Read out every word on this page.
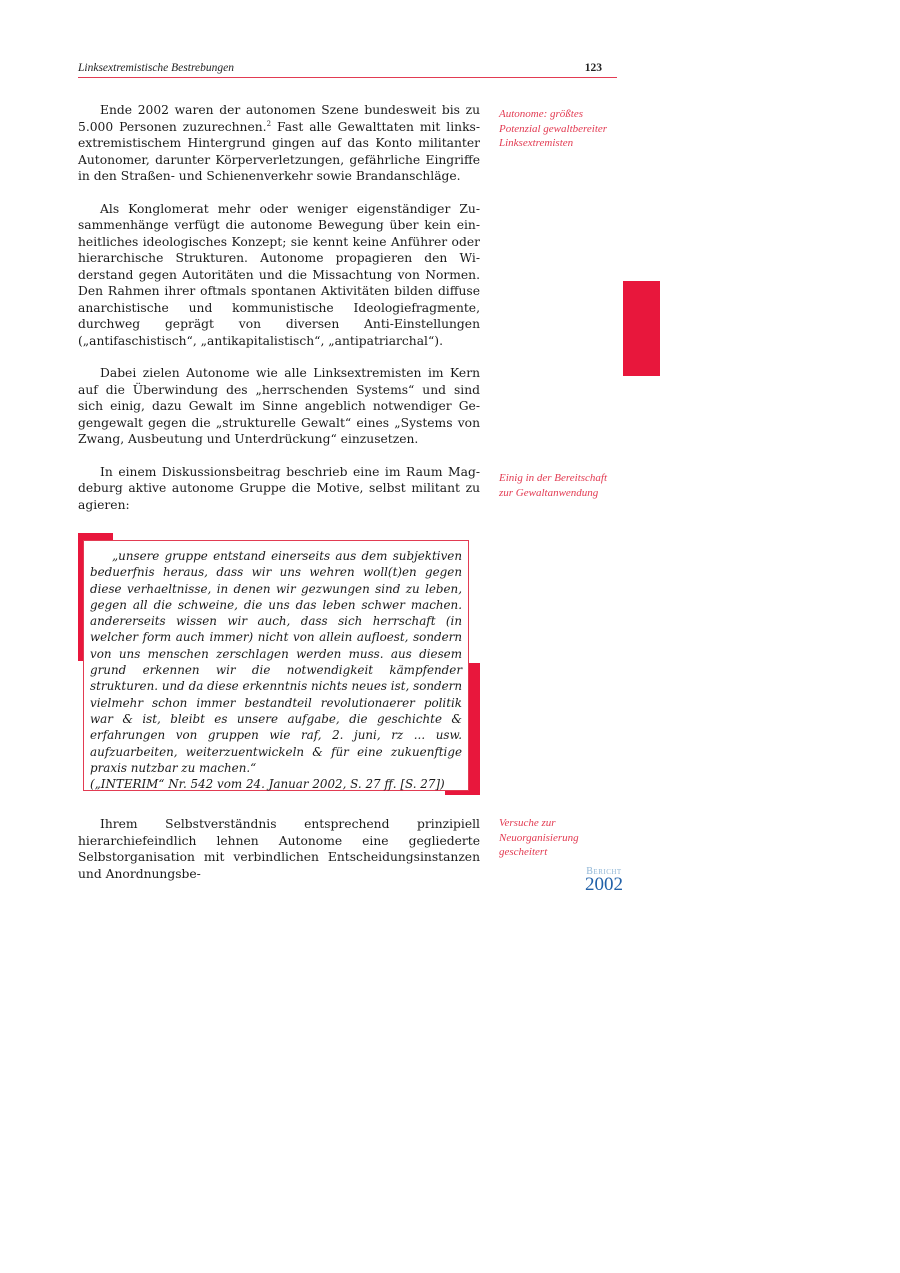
Linksextremistische Bestrebungen	123

Ende 2002 waren der autonomen Szene bundesweit bis zu 5.000 Personen zuzurechnen.$^2$ Fast alle Gewalttaten mit linksextremistischem Hintergrund gingen auf das Konto militanter Autonomer, darunter Körperverletzungen, gefährliche Eingriffe in den Straßen- und Schienenverkehr sowie Brandanschläge.

Als Konglomerat mehr oder weniger eigenständiger Zusammenhänge verfügt die autonome Bewegung über kein einheitliches ideologisches Konzept; sie kennt keine Anführer oder hierarchische Strukturen. Autonome propagieren den Widerstand gegen Autoritäten und die Missachtung von Normen. Den Rahmen ihrer oftmals spontanen Aktivitäten bilden diffuse anarchistische und kommunistische Ideologiefragmente, durchweg geprägt von diversen Anti-Einstellungen („antifaschistisch“, „antikapitalistisch“, „antipatriarchal“).

Dabei zielen Autonome wie alle Linksextremisten im Kern auf die Überwindung des „herrschenden Systems“ und sind sich einig, dazu Gewalt im Sinne angeblich notwendiger Gegengewalt gegen die „strukturelle Gewalt“ eines „Systems von Zwang, Ausbeutung und Unterdrückung“ einzusetzen.

In einem Diskussionsbeitrag beschrieb eine im Raum Magdeburg aktive autonome Gruppe die Motive, selbst militant zu agieren:

„unsere gruppe entstand einerseits aus dem subjektiven beduerfnis heraus, dass wir uns wehren woll(t)en gegen diese verhaeltnisse, in denen wir gezwungen sind zu leben, gegen all die schweine, die uns das leben schwer machen. andererseits wissen wir auch, dass sich herrschaft (in welcher form auch immer) nicht von allein aufloest, sondern von uns menschen zerschlagen werden muss. aus diesem grund erkennen wir die notwendigkeit kämpfender strukturen. und da diese erkenntnis nichts neues ist, sondern vielmehr schon immer bestandteil revolutionaerer politik war & ist, bleibt es unsere aufgabe, die geschichte & erfahrungen von gruppen wie raf, 2. juni, rz ... usw. aufzuarbeiten, weiterzuentwickeln & für eine zukuenftige praxis nutzbar zu machen.“

(„INTERIM“ Nr. 542 vom 24. Januar 2002, S. 27 ff. [S. 27])

Ihrem Selbstverständnis entsprechend prinzipiell hierarchiefeindlich lehnen Autonome eine gegliederte Selbstorganisation mit verbindlichen Entscheidungsinstanzen und Anordnungsbe-

Autonome: größtes Potenzial gewaltbereiter Linksextremisten
Einig in der Bereitschaft zur Gewaltanwendung
Versuche zur Neuorganisierung gescheitert
Bericht
2002
